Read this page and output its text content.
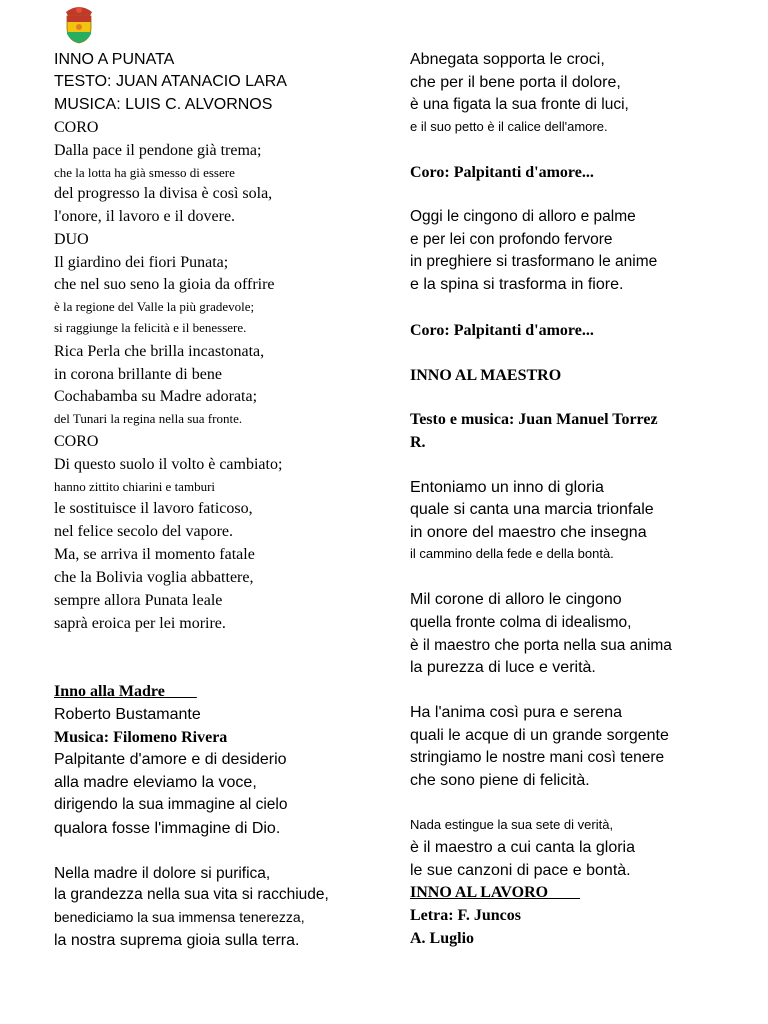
INNO A PUNATA
TESTO: JUAN ATANACIO LARA
MUSICA: LUIS C. ALVORNOS
CORO
Dalla pace il pendone già trema;
che la lotta ha già smesso di essere
del progresso la divisa è così sola,
l'onore, il lavoro e il dovere.
DUO
Il giardino dei fiori Punata;
che nel suo seno la gioia da offrire
è la regione del Valle la più gradevole;
si raggiunge la felicità e il benessere.
Rica Perla che brilla incastonata,
in corona brillante di bene
Cochabamba su Madre adorata;
del Tunari la regina nella sua fronte.
CORO
Di questo suolo il volto è cambiato;
hanno zittito chiarini e tamburi
le sostituisce il lavoro faticoso,
nel felice secolo del vapore.
Ma, se arriva il momento fatale
che la Bolivia voglia abbattere,
sempre allora Punata leale
saprà eroica per lei morire.
Inno alla Madre
Roberto Bustamante
Musica: Filomeno Rivera
Palpitante d'amore e di desiderio
alla madre eleviamo la voce,
dirigendo la sua immagine al cielo
qualora fosse l'immagine di Dio.
Nella madre il dolore si purifica,
la grandezza nella sua vita si racchiude,
benediciamo la sua immensa tenerezza,
la nostra suprema gioia sulla terra.
Abnegata sopporta le croci,
che per il bene porta il dolore,
è una figata la sua fronte di luci,
e il suo petto è il calice dell'amore.
Coro: Palpitanti d'amore...
Oggi le cingono di alloro e palme
e per lei con profondo fervore
in preghiere si trasformano le anime
e la spina si trasforma in fiore.
Coro: Palpitanti d'amore...
INNO AL MAESTRO
Testo e musica: Juan Manuel Torrez
R.
Entoniamo un inno di gloria
quale si canta una marcia trionfale
in onore del maestro che insegna
il cammino della fede e della bontà.
Mil corone di alloro le cingono
quella fronte colma di idealismo,
è il maestro che porta nella sua anima
la purezza di luce e verità.
Ha l'anima così pura e serena
quali le acque di un grande sorgente
stringiamo le nostre mani così tenere
che sono piene di felicità.
Nada estingue la sua sete di verità,
è il maestro a cui canta la gloria
le sue canzoni di pace e bontà.
INNO AL LAVORO
Letra: F. Juncos
A. Luglio
